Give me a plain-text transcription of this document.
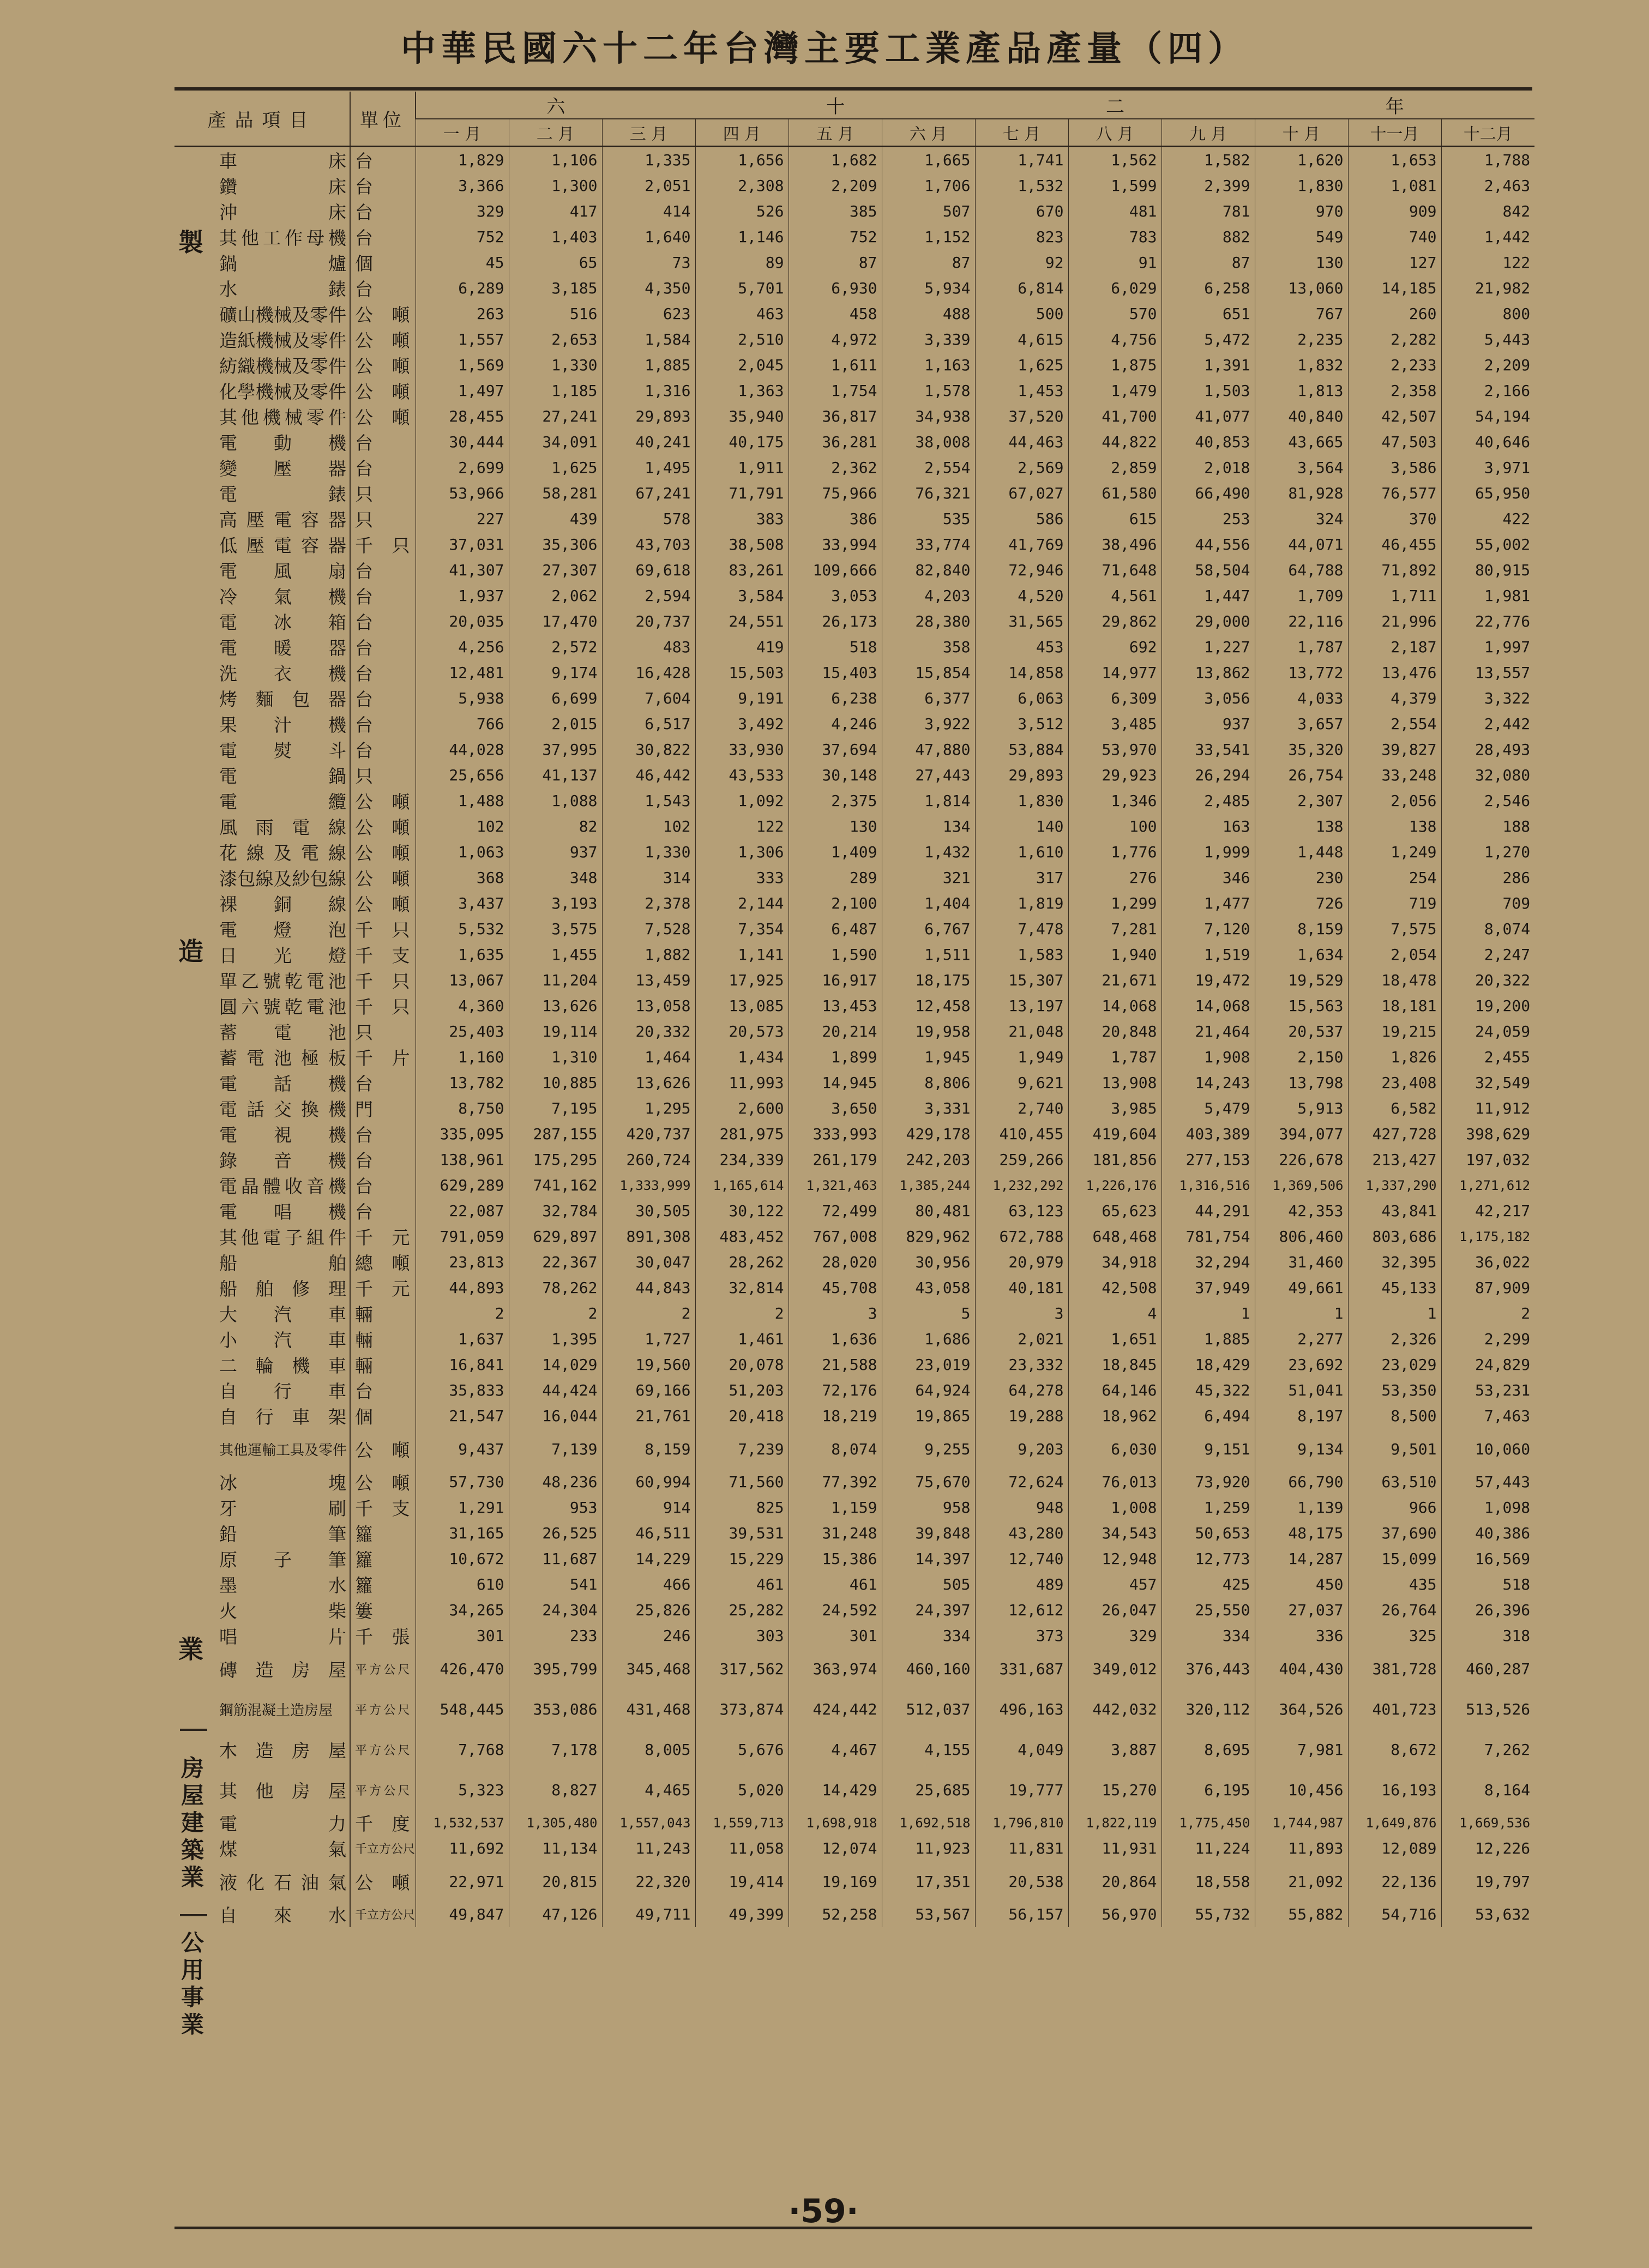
中華民國六十二年台灣主要工業產品產量（四）
產品項目		單位	六 十 二 年											

			一 月	二 月	三 月	四 月	五 月	六 月	七 月	八 月	九 月	十 月	十一月	十二月
	車床	台	1,829	1,106	1,335	1,656	1,682	1,665	1,741	1,562	1,582	1,620	1,653	1,788
	鑽床	台	3,366	1,300	2,051	2,308	2,209	1,706	1,532	1,599	2,399	1,830	1,081	2,463
	沖床	台	329	417	414	526	385	507	670	481	781	970	909	842
	其他工作母機	台	752	1,403	1,640	1,146	752	1,152	823	783	882	549	740	1,442
	鍋爐	個	45	65	73	89	87	87	92	91	87	130	127	122
	水錶	台	6,289	3,185	4,350	5,701	6,930	5,934	6,814	6,029	6,258	13,060	14,185	21,982
	礦山機械及零件	公噸	263	516	623	463	458	488	500	570	651	767	260	800
	造紙機械及零件	公噸	1,557	2,653	1,584	2,510	4,972	3,339	4,615	4,756	5,472	2,235	2,282	5,443
	紡織機械及零件	公噸	1,569	1,330	1,885	2,045	1,611	1,163	1,625	1,875	1,391	1,832	2,233	2,209
	化學機械及零件	公噸	1,497	1,185	1,316	1,363	1,754	1,578	1,453	1,479	1,503	1,813	2,358	2,166
	其他機械零件	公噸	28,455	27,241	29,893	35,940	36,817	34,938	37,520	41,700	41,077	40,840	42,507	54,194
	電動機	台	30,444	34,091	40,241	40,175	36,281	38,008	44,463	44,822	40,853	43,665	47,503	40,646
	變壓器	台	2,699	1,625	1,495	1,911	2,362	2,554	2,569	2,859	2,018	3,564	3,586	3,971
	電錶	只	53,966	58,281	67,241	71,791	75,966	76,321	67,027	61,580	66,490	81,928	76,577	65,950
	高壓電容器	只	227	439	578	383	386	535	586	615	253	324	370	422
	低壓電容器	千只	37,031	35,306	43,703	38,508	33,994	33,774	41,769	38,496	44,556	44,071	46,455	55,002
	電風扇	台	41,307	27,307	69,618	83,261	109,666	82,840	72,946	71,648	58,504	64,788	71,892	80,915
	冷氣機	台	1,937	2,062	2,594	3,584	3,053	4,203	4,520	4,561	1,447	1,709	1,711	1,981
	電冰箱	台	20,035	17,470	20,737	24,551	26,173	28,380	31,565	29,862	29,000	22,116	21,996	22,776
	電暖器	台	4,256	2,572	483	419	518	358	453	692	1,227	1,787	2,187	1,997
	洗衣機	台	12,481	9,174	16,428	15,503	15,403	15,854	14,858	14,977	13,862	13,772	13,476	13,557
	烤麵包器	台	5,938	6,699	7,604	9,191	6,238	6,377	6,063	6,309	3,056	4,033	4,379	3,322
	果汁機	台	766	2,015	6,517	3,492	4,246	3,922	3,512	3,485	937	3,657	2,554	2,442
	電熨斗	台	44,028	37,995	30,822	33,930	37,694	47,880	53,884	53,970	33,541	35,320	39,827	28,493
	電鍋	只	25,656	41,137	46,442	43,533	30,148	27,443	29,893	29,923	26,294	26,754	33,248	32,080
	電纜	公噸	1,488	1,088	1,543	1,092	2,375	1,814	1,830	1,346	2,485	2,307	2,056	2,546
	風雨電線	公噸	102	82	102	122	130	134	140	100	163	138	138	188
	花線及電線	公噸	1,063	937	1,330	1,306	1,409	1,432	1,610	1,776	1,999	1,448	1,249	1,270
	漆包線及紗包線	公噸	368	348	314	333	289	321	317	276	346	230	254	286
	裸銅線	公噸	3,437	3,193	2,378	2,144	2,100	1,404	1,819	1,299	1,477	726	719	709
	電燈泡	千只	5,532	3,575	7,528	7,354	6,487	6,767	7,478	7,281	7,120	8,159	7,575	8,074
	日光燈	千支	1,635	1,455	1,882	1,141	1,590	1,511	1,583	1,940	1,519	1,634	2,054	2,247
	單乙號乾電池	千只	13,067	11,204	13,459	17,925	16,917	18,175	15,307	21,671	19,472	19,529	18,478	20,322
	圓六號乾電池	千只	4,360	13,626	13,058	13,085	13,453	12,458	13,197	14,068	14,068	15,563	18,181	19,200
	蓄電池	只	25,403	19,114	20,332	20,573	20,214	19,958	21,048	20,848	21,464	20,537	19,215	24,059
	蓄電池極板	千片	1,160	1,310	1,464	1,434	1,899	1,945	1,949	1,787	1,908	2,150	1,826	2,455
	電話機	台	13,782	10,885	13,626	11,993	14,945	8,806	9,621	13,908	14,243	13,798	23,408	32,549
	電話交換機	門	8,750	7,195	1,295	2,600	3,650	3,331	2,740	3,985	5,479	5,913	6,582	11,912
	電視機	台	335,095	287,155	420,737	281,975	333,993	429,178	410,455	419,604	403,389	394,077	427,728	398,629
	錄音機	台	138,961	175,295	260,724	234,339	261,179	242,203	259,266	181,856	277,153	226,678	213,427	197,032
	電晶體收音機	台	629,289	741,162	1,333,999	1,165,614	1,321,463	1,385,244	1,232,292	1,226,176	1,316,516	1,369,506	1,337,290	1,271,612
	電唱機	台	22,087	32,784	30,505	30,122	72,499	80,481	63,123	65,623	44,291	42,353	43,841	42,217
	其他電子組件	千元	791,059	629,897	891,308	483,452	767,008	829,962	672,788	648,468	781,754	806,460	803,686	1,175,182
	船舶	總噸	23,813	22,367	30,047	28,262	28,020	30,956	20,979	34,918	32,294	31,460	32,395	36,022
	船舶修理	千元	44,893	78,262	44,843	32,814	45,708	43,058	40,181	42,508	37,949	49,661	45,133	87,909
	大汽車	輛	2	2	2	2	3	5	3	4	1	1	1	2
	小汽車	輛	1,637	1,395	1,727	1,461	1,636	1,686	2,021	1,651	1,885	2,277	2,326	2,299
	二輪機車	輛	16,841	14,029	19,560	20,078	21,588	23,019	23,332	18,845	18,429	23,692	23,029	24,829
	自行車	台	35,833	44,424	69,166	51,203	72,176	64,924	64,278	64,146	45,322	51,041	53,350	53,231
	自行車架	個	21,547	16,044	21,761	20,418	18,219	19,865	19,288	18,962	6,494	8,197	8,500	7,463
	其他運輸工具及零件	公噸	9,437	7,139	8,159	7,239	8,074	9,255	9,203	6,030	9,151	9,134	9,501	10,060
	冰塊	公噸	57,730	48,236	60,994	71,560	77,392	75,670	72,624	76,013	73,920	66,790	63,510	57,443
	牙刷	千支	1,291	953	914	825	1,159	958	948	1,008	1,259	1,139	966	1,098
	鉛筆	籮	31,165	26,525	46,511	39,531	31,248	39,848	43,280	34,543	50,653	48,175	37,690	40,386
	原子筆	籮	10,672	11,687	14,229	15,229	15,386	14,397	12,740	12,948	12,773	14,287	15,099	16,569
	墨水	籮	610	541	466	461	461	505	489	457	425	450	435	518
	火柴	簍	34,265	24,304	25,826	25,282	24,592	24,397	12,612	26,047	25,550	27,037	26,764	26,396
	唱片	千張	301	233	246	303	301	334	373	329	334	336	325	318
	磚造房屋	平方公尺	426,470	395,799	345,468	317,562	363,974	460,160	331,687	349,012	376,443	404,430	381,728	460,287
	鋼筋混凝土造房屋	平方公尺	548,445	353,086	431,468	373,874	424,442	512,037	496,163	442,032	320,112	364,526	401,723	513,526
	木造房屋	平方公尺	7,768	7,178	8,005	5,676	4,467	4,155	4,049	3,887	8,695	7,981	8,672	7,262
	其他房屋	平方公尺	5,323	8,827	4,465	5,020	14,429	25,685	19,777	15,270	6,195	10,456	16,193	8,164
	電力	千度	1,532,537	1,305,480	1,557,043	1,559,713	1,698,918	1,692,518	1,796,810	1,822,119	1,775,450	1,744,987	1,649,876	1,669,536
	煤氣	千立方公尺	11,692	11,134	11,243	11,058	12,074	11,923	11,831	11,931	11,224	11,893	12,089	12,226
	液化石油氣	公噸	22,971	20,815	22,320	19,414	19,169	17,351	20,538	20,864	18,558	21,092	22,136	19,797
	自來水	千立方公尺	49,847	47,126	49,711	49,399	52,258	53,567	56,157	56,970	55,732	55,882	54,716	53,632
製
造
業
房屋建築業
公用事業
·59·
